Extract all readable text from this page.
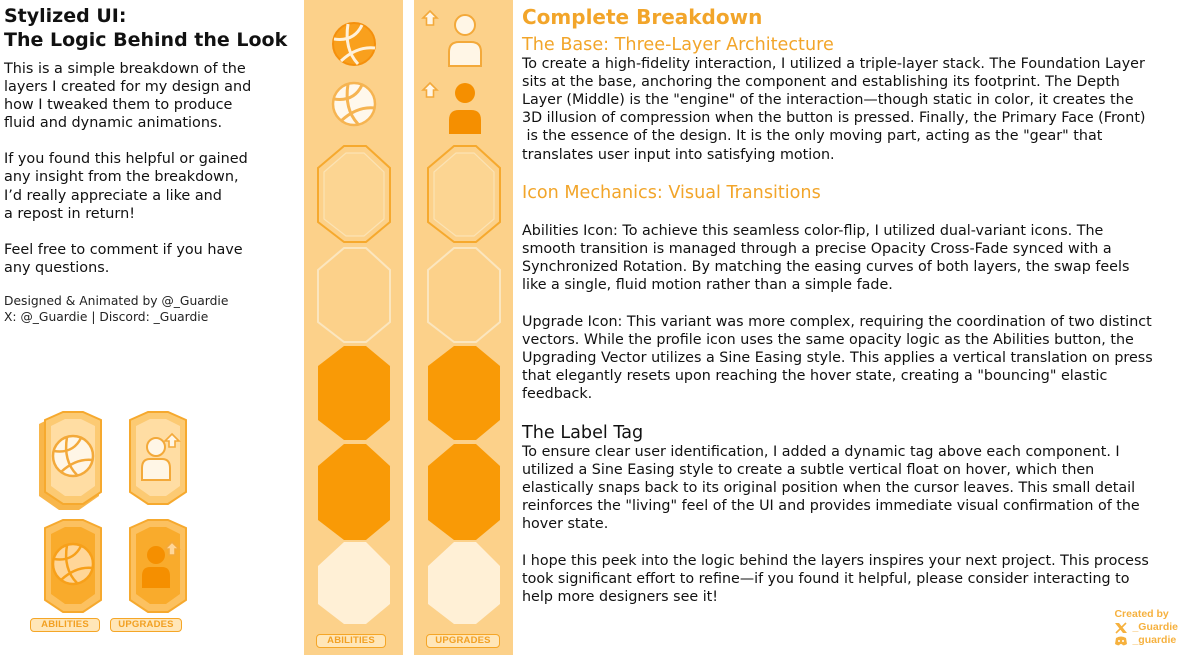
Stylized UI:
The Logic Behind the Look
This is a simple breakdown of the
layers I created for my design and
how I tweaked them to produce
fluid and dynamic animations.
If you found this helpful or gained
any insight from the breakdown,
I’d really appreciate a like and
a repost in return!
Feel free to comment if you have
any questions.
Designed & Animated by @_Guardie
X: @_Guardie | Discord: _Guardie
ABILITIES	UPGRADES
ABILITIES	UPGRADES
Complete Breakdown
The Base: Three-Layer Architecture
To create a high-fidelity interaction, I utilized a triple-layer stack. The Foundation Layer
sits at the base, anchoring the component and establishing its footprint. The Depth
Layer (Middle) is the "engine" of the interaction—though static in color, it creates the
3D illusion of compression when the button is pressed. Finally, the Primary Face (Front)
is the essence of the design. It is the only moving part, acting as the "gear" that
translates user input into satisfying motion.
Icon Mechanics: Visual Transitions
Abilities Icon: To achieve this seamless color-flip, I utilized dual-variant icons. The
smooth transition is managed through a precise Opacity Cross-Fade synced with a
Synchronized Rotation. By matching the easing curves of both layers, the swap feels
like a single, fluid motion rather than a simple fade.
Upgrade Icon: This variant was more complex, requiring the coordination of two distinct
vectors. While the profile icon uses the same opacity logic as the Abilities button, the
Upgrading Vector utilizes a Sine Easing style. This applies a vertical translation on press
that elegantly resets upon reaching the hover state, creating a "bouncing" elastic
feedback.
The Label Tag
To ensure clear user identification, I added a dynamic tag above each component. I
utilized a Sine Easing style to create a subtle vertical float on hover, which then
elastically snaps back to its original position when the cursor leaves. This small detail
reinforces the "living" feel of the UI and provides immediate visual confirmation of the
hover state.
I hope this peek into the logic behind the layers inspires your next project. This process
took significant effort to refine—if you found it helpful, please consider interacting to
help more designers see it!
Created by
_Guardie
_guardie
